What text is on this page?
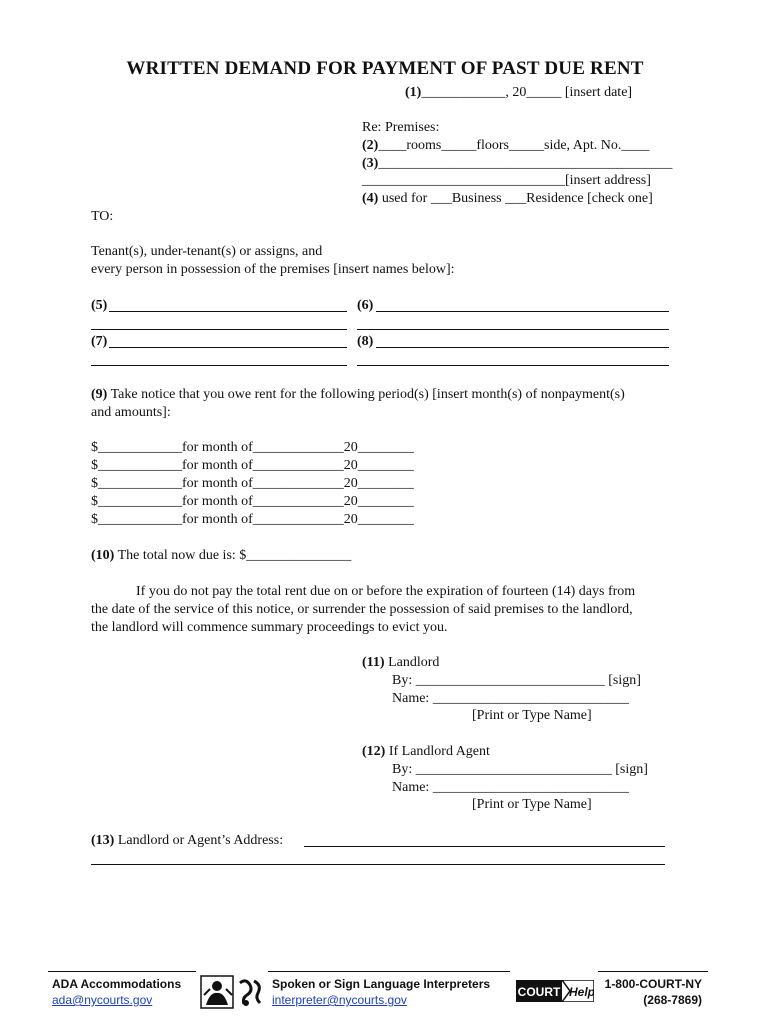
WRITTEN DEMAND FOR PAYMENT OF PAST DUE RENT
(1)____________, 20_____ [insert date]
Re: Premises:
(2)____rooms_____floors_____side, Apt. No.____
(3)__________________________________________
_____________________________[insert address]
(4) used for ___Business ___Residence [check one]
TO:
Tenant(s), under-tenant(s) or assigns, and
every person in possession of the premises [insert names below]:
(5)	(6)
(7)	(8)
(9) Take notice that you owe rent for the following period(s) [insert month(s) of nonpayment(s)
and amounts]:
$____________for month of_____________20________
$____________for month of_____________20________
$____________for month of_____________20________
$____________for month of_____________20________
$____________for month of_____________20________
(10) The total now due is: $_______________
If you do not pay the total rent due on or before the expiration of fourteen (14) days from
the date of the service of this notice, or surrender the possession of said premises to the landlord,
the landlord will commence summary proceedings to evict you.
(11) Landlord
By: ___________________________ [sign]
Name: ____________________________
[Print or Type Name]
(12) If Landlord Agent
By: ____________________________ [sign]
Name: ____________________________
[Print or Type Name]
(13) Landlord or Agent’s Address:
ADA Accommodations
ada@nycourts.gov
Spoken or Sign Language Interpreters
interpreter@nycourts.gov
COURT Help
1-800-COURT-NY
(268-7869)
